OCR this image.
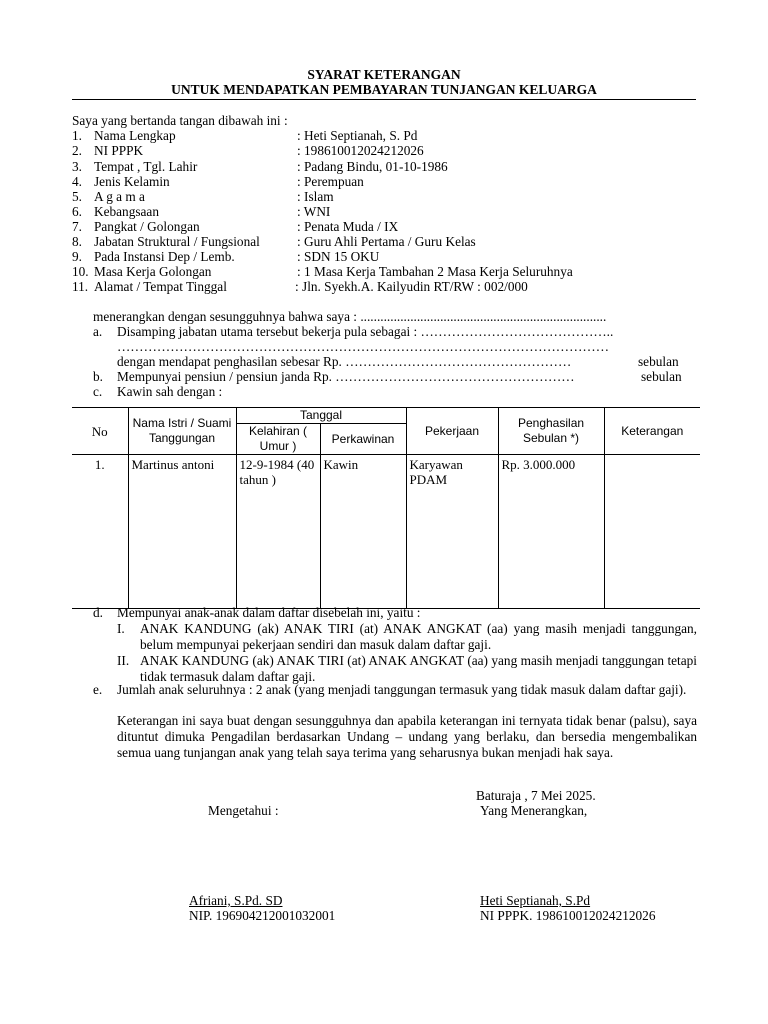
SYARAT KETERANGAN
UNTUK MENDAPATKAN PEMBAYARAN TUNJANGAN KELUARGA
Saya yang bertanda tangan dibawah ini :
1. Nama Lengkap	: Heti Septianah, S. Pd
2. NI PPPK	: 198610012024212026
3. Tempat , Tgl. Lahir	: Padang Bindu, 01-10-1986
4. Jenis Kelamin	: Perempuan
5. A g a m a	: Islam
6. Kebangsaan	: WNI
7. Pangkat / Golongan	: Penata Muda / IX
8. Jabatan Struktural / Fungsional	: Guru Ahli Pertama / Guru Kelas
9. Pada Instansi Dep / Lemb.	: SDN 15 OKU
10. Masa Kerja Golongan	: 1 Masa Kerja Tambahan 2 Masa Kerja Seluruhnya
11. Alamat / Tempat Tinggal	: Jln. Syekh.A. Kailyudin RT/RW : 002/000
menerangkan dengan sesungguhnya bahwa saya : ..........................................................................
a. Disamping jabatan utama tersebut bekerja pula sebagai : ……………………………………..
…………………………………………………………………………………………………
dengan mendapat penghasilan sebesar Rp. ……………………………………………	sebulan
b. Mempunyai pensiun / pensiun janda Rp. ………………………………………………	sebulan
c. Kawin sah dengan :
No	Nama Istri / Suami Tanggungan	Tanggal		Pekerjaan	Penghasilan Sebulan *)	Keterangan
		Kelahiran ( Umur )	Perkawinan			
1.	Martinus antoni	12-9-1984 (40 tahun )	Kawin	Karyawan PDAM	Rp. 3.000.000	
d. Mempunyai anak-anak dalam daftar disebelah ini, yaitu :
I. ANAK KANDUNG (ak) ANAK TIRI (at) ANAK ANGKAT (aa) yang masih menjadi tanggungan, belum mempunyai pekerjaan sendiri dan masuk dalam daftar gaji.
II. ANAK KANDUNG (ak) ANAK TIRI (at) ANAK ANGKAT (aa) yang masih menjadi tanggungan tetapi tidak termasuk dalam daftar gaji.
e. Jumlah anak seluruhnya : 2 anak (yang menjadi tanggungan termasuk yang tidak masuk dalam daftar gaji).
Keterangan ini saya buat dengan sesungguhnya dan apabila keterangan ini ternyata tidak benar (palsu), saya dituntut dimuka Pengadilan berdasarkan Undang – undang yang berlaku, dan bersedia mengembalikan semua uang tunjangan anak yang telah saya terima yang seharusnya bukan menjadi hak saya.
Baturaja , 7 Mei 2025.
Mengetahui :	Yang Menerangkan,
Afriani, S.Pd. SD
NIP. 196904212001032001
Heti Septianah, S.Pd
NI PPPK. 198610012024212026
